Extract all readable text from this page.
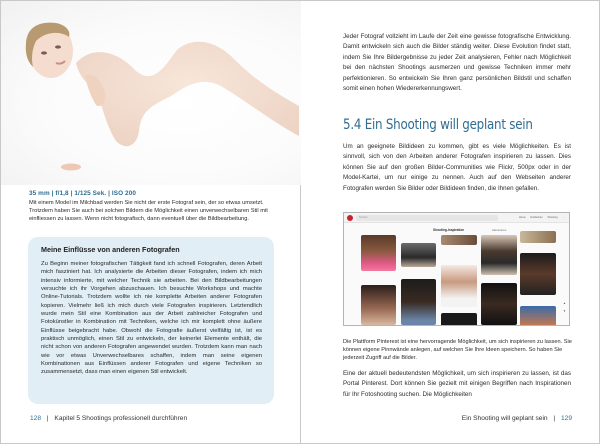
35 mm | f/1,8 | 1/125 Sek. | ISO 200
Mit einem Model im Milchbad werden Sie nicht der erste Fotograf sein, der so etwas umsetzt. Trotzdem haben Sie auch bei solchen Bildern die Möglichkeit einen unverwechselbaren Stil mit einfliessen zu lassen. Wenn nicht fotografisch, dann eventuell über die Bildbearbeitung.
Meine Einflüsse von anderen Fotografen
Zu Beginn meiner fotografischen Tätigkeit fand ich schnell Fotografen, deren Arbeit mich fasziniert hat. Ich analysierte die Arbeiten dieser Fotografen, indem ich mich intensiv informierte, mit welcher Technik sie arbeiten. Bei den Bildbearbeitungen versuchte ich ihr Vorgehen abzuschauen. Ich besuchte Workshops und machte Online-Tutorials. Trotzdem wollte ich nie komplette Arbeiten anderer Fotografen kopieren. Vielmehr ließ ich mich durch viele Fotografen inspirieren. Letztendlich wurde mein Stil eine Kombination aus der Arbeit zahlreicher Fotografen und Fotokünstler in Kombination mit Techniken, welche ich mir komplett ohne äußere Einflüsse beigebracht habe. Obwohl die Fotografie äußerst vielfältig ist, ist es praktisch unmöglich, einen Stil zu entwickeln, der keinerlei Elemente enthält, die nicht schon von anderen Fotografen angewendet wurden. Trotzdem kann man nach wie vor etwas Unverwechselbares schaffen, indem man seine eigenen Kombinationen aus Einflüssen anderer Fotografen und eigene Techniken so zusammensetzt, dass man einen eigenen Stil entwickelt.
128 | Kapitel 5 Shootings professionell durchführen
Jeder Fotograf vollzieht im Laufe der Zeit eine gewisse fotografische Entwicklung. Damit entwickeln sich auch die Bilder ständig weiter. Diese Evolution findet statt, indem Sie Ihre Bildergebnisse zu jeder Zeit analysieren, Fehler nach Möglichkeit bei den nächsten Shootings ausmerzen und gewisse Techniken immer mehr perfektionieren. So entwickeln Sie Ihren ganz persönlichen Bildstil und schaffen somit einen hohen Wiedererkennungswert.
5.4 Ein Shooting will geplant sein
Um an geeignete Bildideen zu kommen, gibt es viele Möglichkeiten. Es ist sinnvoll, sich von den Arbeiten anderer Fotografen inspirieren zu lassen. Dies können Sie auf den großen Bilder-Communities wie Flickr, 500px oder in der Model-Kartei, um nur einige zu nennen. Auch auf den Webseiten anderer Fotografen werden Sie Bilder oder Bildideen finden, die Ihnen gefallen.
Suchen	Home Entdecken Shooting ···
Shooting-Inspiration	Abonnieren
▲
▼
Die Plattform Pinterest ist eine hervorragende Möglichkeit, um sich inspirieren zu lassen. Sie können eigene Pinnwände anlegen, auf welchen Sie Ihre Ideen speichern. So haben Sie jederzeit Zugriff auf die Bilder.
Eine der aktuell bedeutendsten Möglichkeit, um sich inspirieren zu lassen, ist das Portal Pinterest. Dort können Sie gezielt mit einigen Begriffen nach Inspirationen für Ihr Fotoshooting suchen. Die Möglichkeiten
Ein Shooting will geplant sein | 129
